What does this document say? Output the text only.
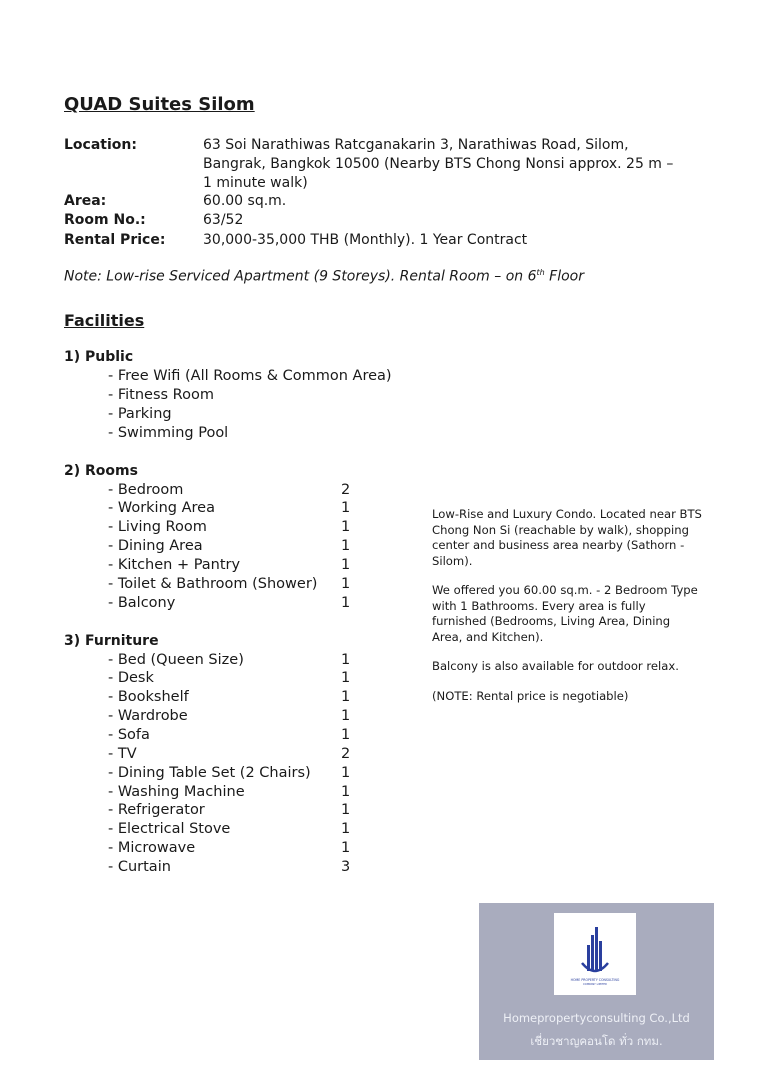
QUAD Suites Silom
Location:	63 Soi Narathiwas Ratcganakarin 3, Narathiwas Road, Silom,
Bangrak, Bangkok 10500 (Nearby BTS Chong Nonsi approx. 25 m –
1 minute walk)
Area:	60.00 sq.m.
Room No.:	63/52
Rental Price:	30,000-35,000 THB (Monthly). 1 Year Contract
Note: Low-rise Serviced Apartment (9 Storeys). Rental Room – on 6th Floor
Facilities
1) Public
- Free Wifi (All Rooms & Common Area)
- Fitness Room
- Parking
- Swimming Pool
2) Rooms
- Bedroom	2
- Working Area	1
- Living Room	1
- Dining Area	1
- Kitchen + Pantry	1
- Toilet & Bathroom (Shower) 1
- Balcony	1
3) Furniture
- Bed (Queen Size)	1
- Desk	1
- Bookshelf	1
- Wardrobe	1
- Sofa	1
- TV	2
- Dining Table Set (2 Chairs) 1
- Washing Machine	1
- Refrigerator	1
- Electrical Stove	1
- Microwave	1
- Curtain	3

Low-Rise and Luxury Condo. Located near BTS Chong Non Si (reachable by walk), shopping center and business area nearby (Sathorn - Silom).

We offered you 60.00 sq.m. - 2 Bedroom Type with 1 Bathrooms. Every area is fully furnished (Bedrooms, Living Area, Dining Area, and Kitchen).

Balcony is also available for outdoor relax.

(NOTE: Rental price is negotiable)

HOME PROPERTY CONSULTING
COMPANY LIMITED
Homepropertyconsulting Co.,Ltd
เชี่ยวชาญคอนโด ทั่ว กทม.
